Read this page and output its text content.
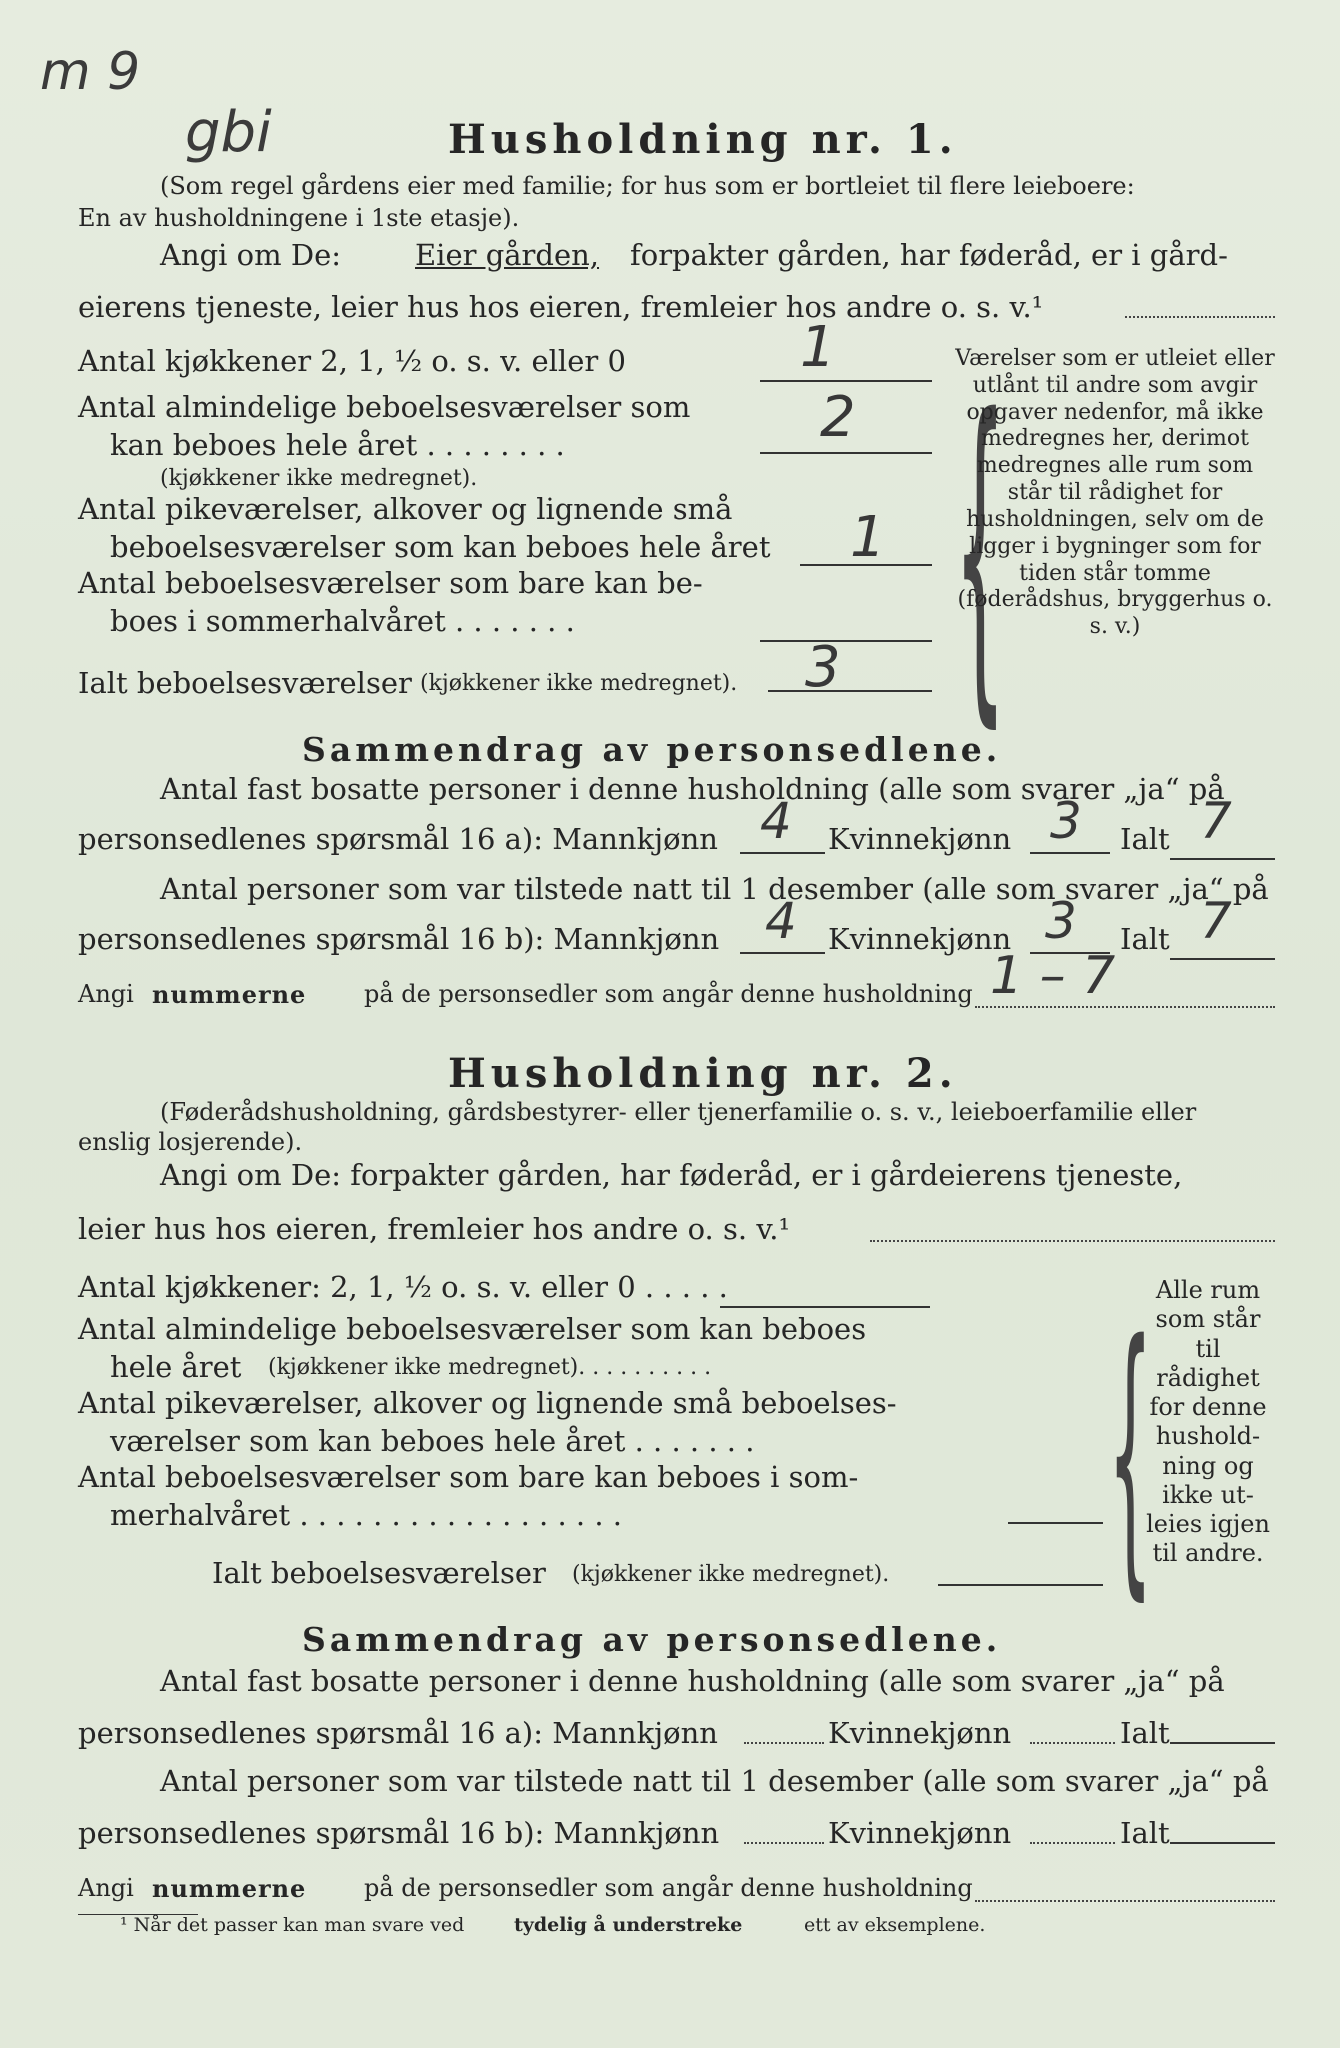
m 9
gbi	Husholdning nr. 1.
(Som regel gårdens eier med familie; for hus som er bortleiet til flere leieboere:
En av husholdningene i 1ste etasje).
Angi om De:	Eier gården, forpakter gården, har føderåd, er i gård-
eierens tjeneste, leier hus hos eieren, fremleier hos andre o. s. v.¹
Antal kjøkkener 2, 1, ½ o. s. v. eller 0	1
Antal almindelige beboelsesværelser som
kan beboes hele året . . . . . . . .
(kjøkkener ikke medregnet).
2
Antal pikeværelser, alkover og lignende små
beboelsesværelser som kan beboes hele året 1
Antal beboelsesværelser som bare kan be-
boes i sommerhalvåret . . . . . . .
Ialt beboelsesværelser (kjøkkener ikke medregnet). 3 {
Værelser som er utleiet eller utlånt til andre som avgir opgaver nedenfor, må ikke medregnes her, derimot medregnes alle rum som står til rådighet for husholdningen, selv om de ligger i bygninger som for tiden står tomme (føderådshus, bryggerhus o. s. v.)
Sammendrag av personsedlene.
Antal fast bosatte personer i denne husholdning (alle som svarer „ja“ på
personsedlenes spørsmål 16 a): Mannkjønn 4 Kvinnekjønn 3 Ialt 7
Antal personer som var tilstede natt til 1 desember (alle som svarer „ja“ på
personsedlenes spørsmål 16 b): Mannkjønn 4 Kvinnekjønn 3 Ialt 7
Angi nummerne på de personsedler som angår denne husholdning 1 – 7
Husholdning nr. 2.
(Føderådshusholdning, gårdsbestyrer- eller tjenerfamilie o. s. v., leieboerfamilie eller
enslig losjerende).
Angi om De: forpakter gården, har føderåd, er i gårdeierens tjeneste,
leier hus hos eieren, fremleier hos andre o. s. v.¹
Antal kjøkkener: 2, 1, ½ o. s. v. eller 0 . . . . .
Antal almindelige beboelsesværelser som kan beboes
hele året (kjøkkener ikke medregnet). . . . . . . . . .
Antal pikeværelser, alkover og lignende små beboelses-
værelser som kan beboes hele året . . . . . . .
Antal beboelsesværelser som bare kan beboes i som-
merhalvåret . . . . . . . . . . . . . . . . . .
Ialt beboelsesværelser (kjøkkener ikke medregnet).	{ Alle rum som står til rådighet for denne hushold-ning og ikke ut-leies igjen til andre.
Sammendrag av personsedlene.
Antal fast bosatte personer i denne husholdning (alle som svarer „ja“ på
personsedlenes spørsmål 16 a): Mannkjønn	Kvinnekjønn	Ialt
Antal personer som var tilstede natt til 1 desember (alle som svarer „ja“ på
personsedlenes spørsmål 16 b): Mannkjønn	Kvinnekjønn	Ialt
Angi nummerne på de personsedler som angår denne husholdning
¹ Når det passer kan man svare ved	tydelig å understreke	ett av eksemplene.
